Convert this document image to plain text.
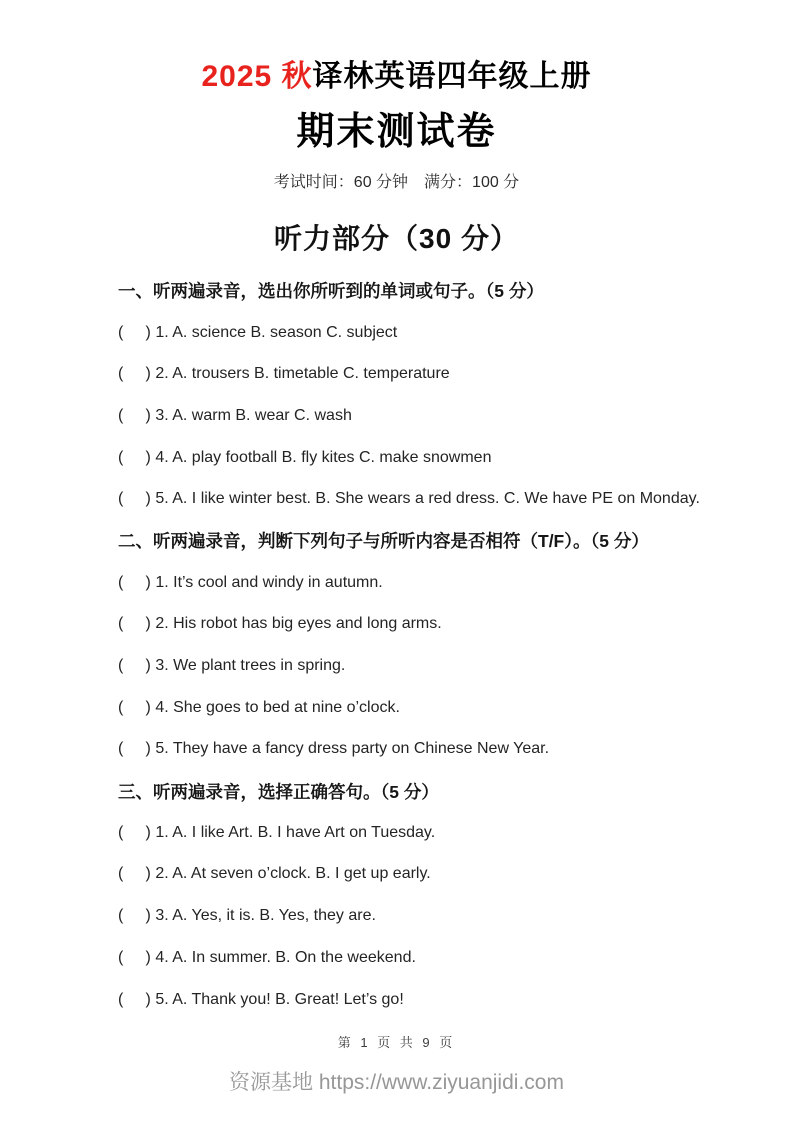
2025 秋译林英语四年级上册
期末测试卷
考试时间：60 分钟　满分：100 分
听力部分（30 分）
一、听两遍录音，选出你所听到的单词或句子。（5 分）
(     ) 1. A. science B. season C. subject
(     ) 2. A. trousers B. timetable C. temperature
(     ) 3. A. warm B. wear C. wash
(     ) 4. A. play football B. fly kites C. make snowmen
(     ) 5. A. I like winter best. B. She wears a red dress. C. We have PE on Monday.
二、听两遍录音，判断下列句子与所听内容是否相符（T/F）。（5 分）
(     ) 1. It’s cool and windy in autumn.
(     ) 2. His robot has big eyes and long arms.
(     ) 3. We plant trees in spring.
(     ) 4. She goes to bed at nine o’clock.
(     ) 5. They have a fancy dress party on Chinese New Year.
三、听两遍录音，选择正确答句。（5 分）
(     ) 1. A. I like Art. B. I have Art on Tuesday.
(     ) 2. A. At seven o’clock. B. I get up early.
(     ) 3. A. Yes, it is. B. Yes, they are.
(     ) 4. A. In summer. B. On the weekend.
(     ) 5. A. Thank you! B. Great! Let’s go!
第 1 页 共 9 页
资源基地 https://www.ziyuanjidi.com
